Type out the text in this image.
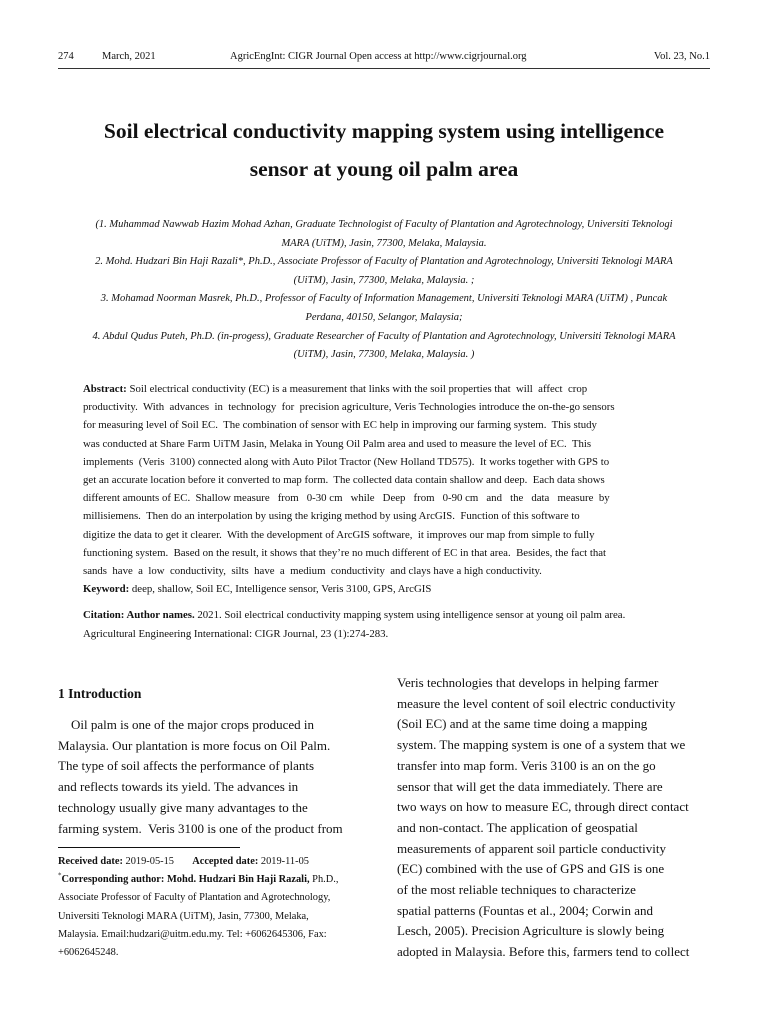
274	March, 2021	AgricEngInt: CIGR Journal Open access at http://www.cigrjournal.org	Vol. 23, No.1
Soil electrical conductivity mapping system using intelligence
sensor at young oil palm area
(1. Muhammad Nawwab Hazim Mohad Azhan, Graduate Technologist of Faculty of Plantation and Agrotechnology, Universiti Teknologi
MARA (UiTM), Jasin, 77300, Melaka, Malaysia.
2. Mohd. Hudzari Bin Haji Razali*, Ph.D., Associate Professor of Faculty of Plantation and Agrotechnology, Universiti Teknologi MARA
(UiTM), Jasin, 77300, Melaka, Malaysia. ;
3. Mohamad Noorman Masrek, Ph.D., Professor of Faculty of Information Management, Universiti Teknologi MARA (UiTM) , Puncak
Perdana, 40150, Selangor, Malaysia;
4. Abdul Qudus Puteh, Ph.D. (in-progess), Graduate Researcher of Faculty of Plantation and Agrotechnology, Universiti Teknologi MARA
(UiTM), Jasin, 77300, Melaka, Malaysia. )
Abstract: Soil electrical conductivity (EC) is a measurement that links with the soil properties that  will  affect  crop
productivity.  With  advances  in  technology  for  precision agriculture, Veris Technologies introduce the on-the-go sensors
for measuring level of Soil EC.  The combination of sensor with EC help in improving our farming system.  This study
was conducted at Share Farm UiTM Jasin, Melaka in Young Oil Palm area and used to measure the level of EC.  This
implements  (Veris  3100) connected along with Auto Pilot Tractor (New Holland TD575).  It works together with GPS to
get an accurate location before it converted to map form.  The collected data contain shallow and deep.  Each data shows
different amounts of EC.  Shallow measure   from   0-30 cm   while   Deep   from   0-90 cm   and   the   data   measure  by
millisiemens.  Then do an interpolation by using the kriging method by using ArcGIS.  Function of this software to
digitize the data to get it clearer.  With the development of ArcGIS software,  it improves our map from simple to fully
functioning system.  Based on the result, it shows that they’re no much different of EC in that area.  Besides, the fact that
sands  have  a  low  conductivity,  silts  have  a  medium  conductivity  and clays have a high conductivity.
Keyword: deep, shallow, Soil EC, Intelligence sensor, Veris 3100, GPS, ArcGIS
Citation: Author names. 2021. Soil electrical conductivity mapping system using intelligence sensor at young oil palm area.
Agricultural Engineering International: CIGR Journal, 23 (1):274-283.
1 Introduction
Oil palm is one of the major crops produced in
Malaysia. Our plantation is more focus on Oil Palm.
The type of soil affects the performance of plants
and reflects towards its yield. The advances in
technology usually give many advantages to the
farming system.  Veris 3100 is one of the product from
Veris technologies that develops in helping farmer
measure the level content of soil electric conductivity
(Soil EC) and at the same time doing a mapping
system. The mapping system is one of a system that we
transfer into map form. Veris 3100 is an on the go
sensor that will get the data immediately. There are
two ways on how to measure EC, through direct contact
and non-contact. The application of geospatial
measurements of apparent soil particle conductivity
(EC) combined with the use of GPS and GIS is one
of the most reliable techniques to characterize
spatial patterns (Fountas et al., 2004; Corwin and
Lesch, 2005). Precision Agriculture is slowly being
adopted in Malaysia. Before this, farmers tend to collect
Received date: 2019-05-15 Accepted date: 2019-11-05
*Corresponding author: Mohd. Hudzari Bin Haji Razali, Ph.D.,
Associate Professor of Faculty of Plantation and Agrotechnology,
Universiti Teknologi MARA (UiTM), Jasin, 77300, Melaka,
Malaysia. Email:hudzari@uitm.edu.my. Tel: +6062645306, Fax:
+6062645248.
